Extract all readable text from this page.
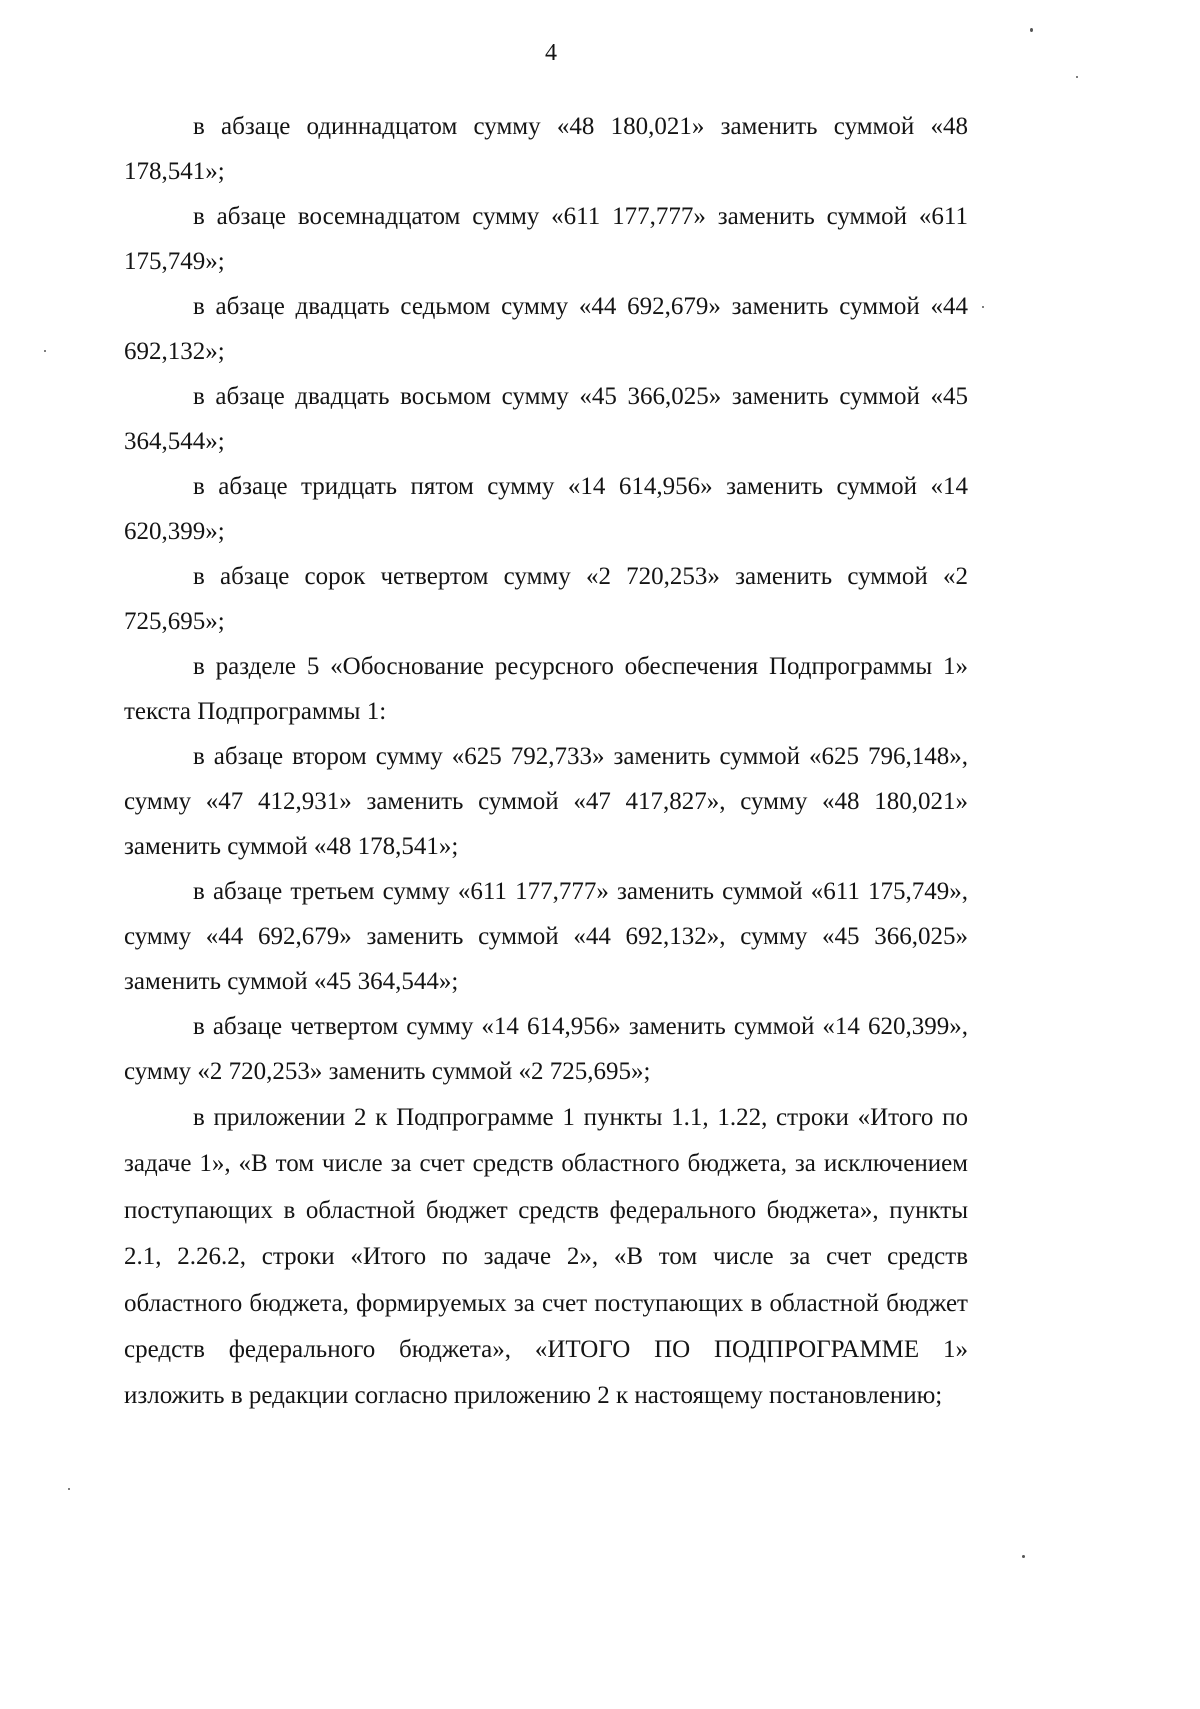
4

в абзаце одиннадцатом сумму «48 180,021» заменить суммой «48 178,541»;

в абзаце восемнадцатом сумму «611 177,777» заменить суммой «611 175,749»;

в абзаце двадцать седьмом сумму «44 692,679» заменить суммой «44 692,132»;

в абзаце двадцать восьмом сумму «45 366,025» заменить суммой «45 364,544»;

в абзаце тридцать пятом сумму «14 614,956» заменить суммой «14 620,399»;

в абзаце сорок четвертом сумму «2 720,253» заменить суммой «2 725,695»;

в разделе 5 «Обоснование ресурсного обеспечения Подпрограммы 1» текста Подпрограммы 1:

в абзаце втором сумму «625 792,733» заменить суммой «625 796,148», сумму «47 412,931» заменить суммой «47 417,827», сумму «48 180,021» заменить суммой «48 178,541»;

в абзаце третьем сумму «611 177,777» заменить суммой «611 175,749», сумму «44 692,679» заменить суммой «44 692,132», сумму «45 366,025» заменить суммой «45 364,544»;

в абзаце четвертом сумму «14 614,956» заменить суммой «14 620,399», сумму «2 720,253» заменить суммой «2 725,695»;

в приложении 2 к Подпрограмме 1 пункты 1.1, 1.22, строки «Итого по задаче 1», «В том числе за счет средств областного бюджета, за исключением поступающих в областной бюджет средств федерального бюджета», пункты 2.1, 2.26.2, строки «Итого по задаче 2», «В том числе за счет средств областного бюджета, формируемых за счет поступающих в областной бюджет средств федерального бюджета», «ИТОГО ПО ПОДПРОГРАММЕ 1» изложить в редакции согласно приложению 2 к настоящему постановлению;
